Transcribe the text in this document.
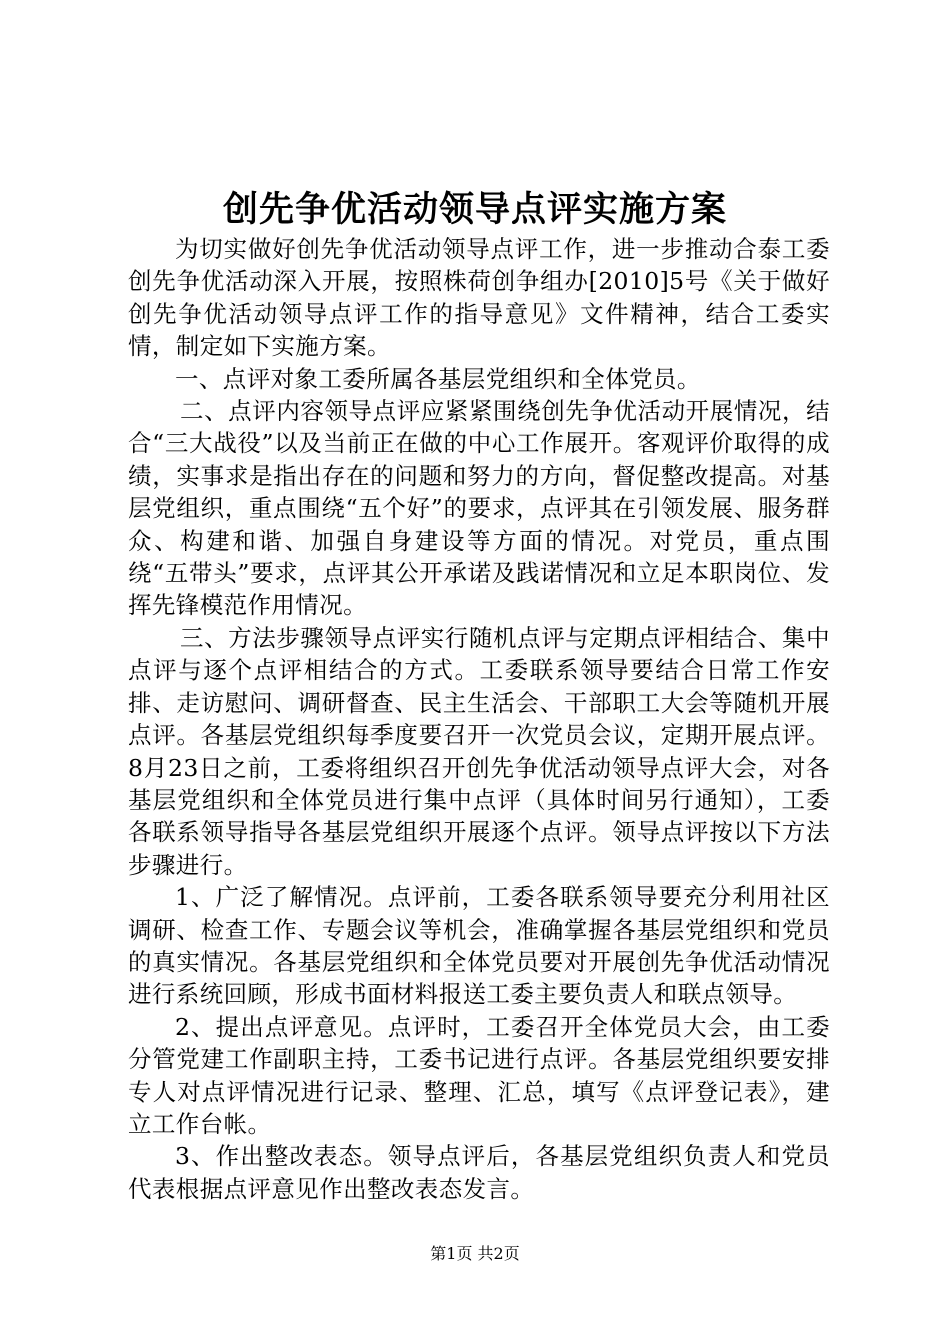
创先争优活动领导点评实施方案

为切实做好创先争优活动领导点评工作，进一步推动合泰工委创先争优活动深入开展，按照株荷创争组办[2010]5号《关于做好创先争优活动领导点评工作的指导意见》文件精神，结合工委实情，制定如下实施方案。

一、点评对象工委所属各基层党组织和全体党员。

二、点评内容领导点评应紧紧围绕创先争优活动开展情况，结合“三大战役”以及当前正在做的中心工作展开。客观评价取得的成绩，实事求是指出存在的问题和努力的方向，督促整改提高。对基层党组织，重点围绕“五个好”的要求，点评其在引领发展、服务群众、构建和谐、加强自身建设等方面的情况。对党员，重点围绕“五带头”要求，点评其公开承诺及践诺情况和立足本职岗位、发挥先锋模范作用情况。

三、方法步骤领导点评实行随机点评与定期点评相结合、集中点评与逐个点评相结合的方式。工委联系领导要结合日常工作安排、走访慰问、调研督查、民主生活会、干部职工大会等随机开展点评。各基层党组织每季度要召开一次党员会议，定期开展点评。8月23日之前，工委将组织召开创先争优活动领导点评大会，对各基层党组织和全体党员进行集中点评（具体时间另行通知），工委各联系领导指导各基层党组织开展逐个点评。领导点评按以下方法步骤进行。

1、广泛了解情况。点评前，工委各联系领导要充分利用社区调研、检查工作、专题会议等机会，准确掌握各基层党组织和党员的真实情况。各基层党组织和全体党员要对开展创先争优活动情况进行系统回顾，形成书面材料报送工委主要负责人和联点领导。

2、提出点评意见。点评时，工委召开全体党员大会，由工委分管党建工作副职主持，工委书记进行点评。各基层党组织要安排专人对点评情况进行记录、整理、汇总，填写《点评登记表》，建立工作台帐。

3、作出整改表态。领导点评后，各基层党组织负责人和党员代表根据点评意见作出整改表态发言。

第1页 共2页
